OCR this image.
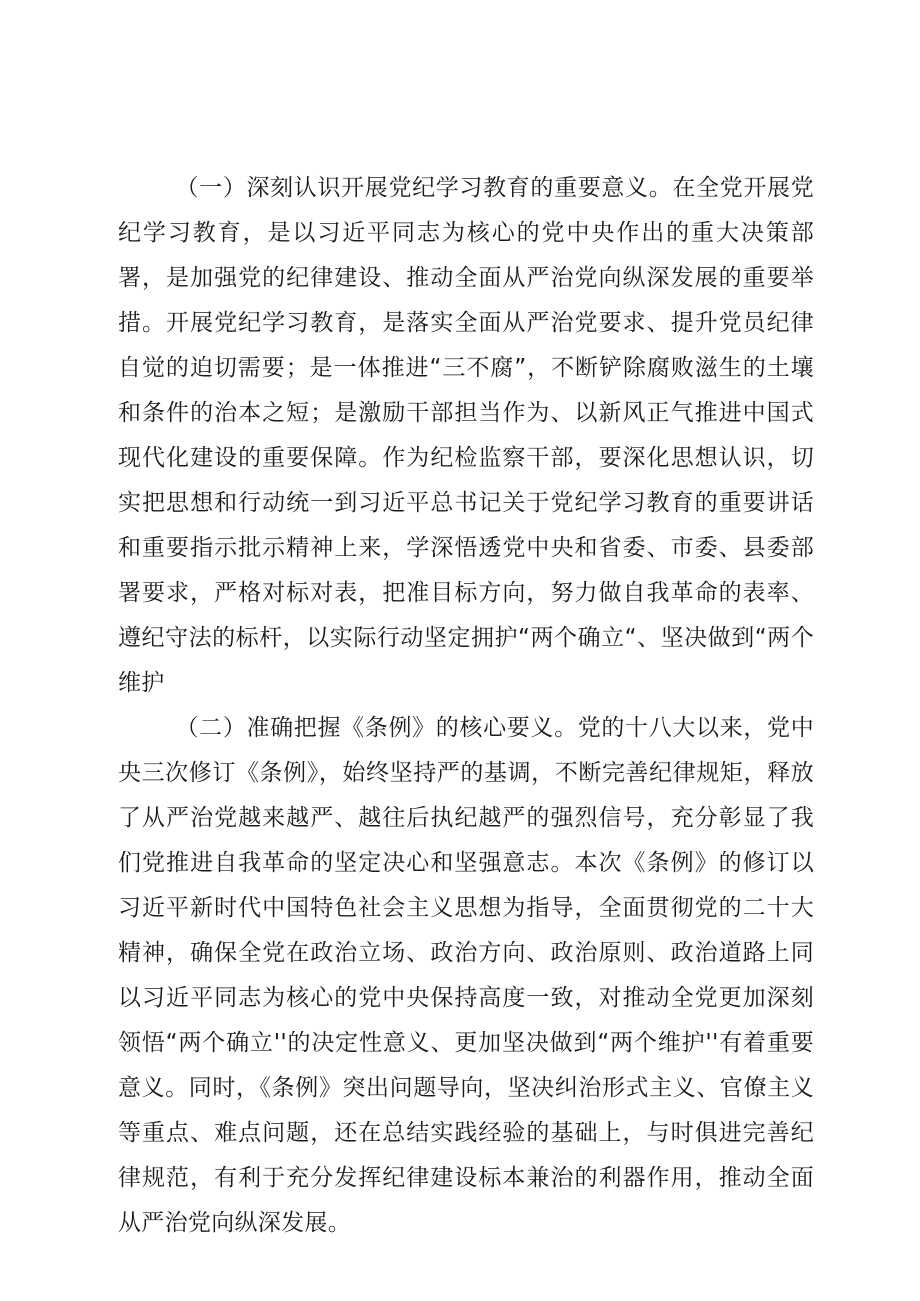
（一）深刻认识开展党纪学习教育的重要意义。在全党开展党纪学习教育，是以习近平同志为核心的党中央作出的重大决策部署，是加强党的纪律建设、推动全面从严治党向纵深发展的重要举措。开展党纪学习教育，是落实全面从严治党要求、提升党员纪律自觉的迫切需要；是一体推进“三不腐”，不断铲除腐败滋生的土壤和条件的治本之短；是激励干部担当作为、以新风正气推进中国式现代化建设的重要保障。作为纪检监察干部，要深化思想认识，切实把思想和行动统一到习近平总书记关于党纪学习教育的重要讲话和重要指示批示精神上来，学深悟透党中央和省委、市委、县委部署要求，严格对标对表，把准目标方向，努力做自我革命的表率、遵纪守法的标杆，以实际行动坚定拥护“两个确立“、坚决做到“两个维护

（二）准确把握《条例》的核心要义。党的十八大以来，党中央三次修订《条例》，始终坚持严的基调，不断完善纪律规矩，释放了从严治党越来越严、越往后执纪越严的强烈信号，充分彰显了我们党推进自我革命的坚定决心和坚强意志。本次《条例》的修订以习近平新时代中国特色社会主义思想为指导，全面贯彻党的二十大精神，确保全党在政治立场、政治方向、政治原则、政治道路上同以习近平同志为核心的党中央保持高度一致，对推动全党更加深刻领悟“两个确立''的决定性意义、更加坚决做到“两个维护''有着重要意义。同时，《条例》突出问题导向，坚决纠治形式主义、官僚主义等重点、难点问题，还在总结实践经验的基础上，与时俱进完善纪律规范，有利于充分发挥纪律建设标本兼治的利器作用，推动全面从严治党向纵深发展。
